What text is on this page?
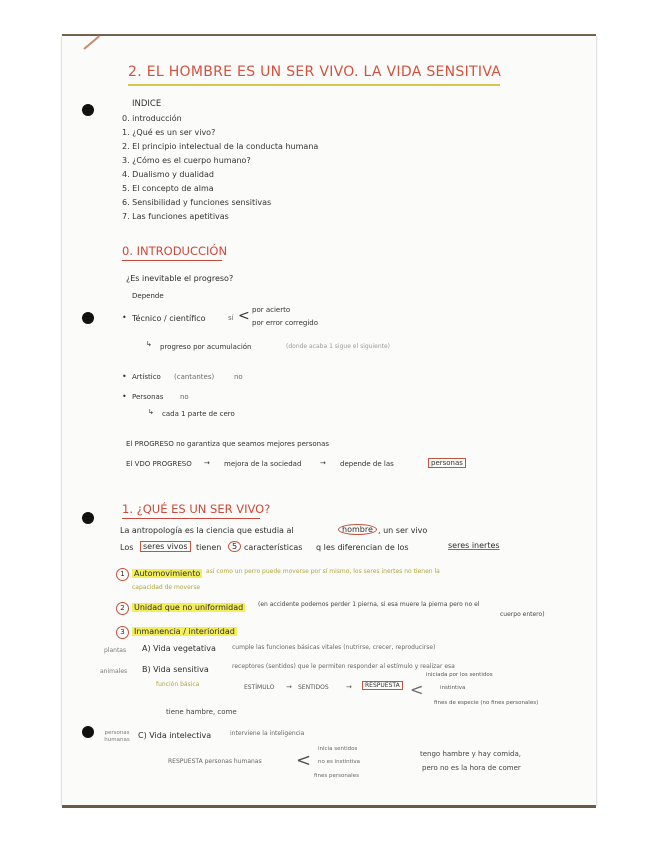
2. EL HOMBRE ES UN SER VIVO. LA VIDA SENSITIVA
INDICE
0. introducción
1. ¿Qué es un ser vivo?
2. El principio intelectual de la conducta humana
3. ¿Cómo es el cuerpo humano?
4. Dualismo y dualidad
5. El concepto de alma
6. Sensibilidad y funciones sensitivas
7. Las funciones apetitivas
0. INTRODUCCIÓN
¿Es inevitable el progreso?
Depende
• Técnico / científico	sí < por acierto
por error corregido
↳ progreso por acumulación	(donde acaba 1 sigue el siguiente)
• Artístico (cantantes)	no
• Personas no
↳ cada 1 parte de cero
El PROGRESO no garantiza que seamos mejores personas
El VDO PROGRESO → mejora de la sociedad	→ depende de las	personas
1. ¿QUÉ ES UN SER VIVO?
La antropología es la ciencia que estudia al	hombre , un ser vivo
Los	seres vivos	tienen	5 características q les diferencian de los	seres inertes
1 Automovimiento así como un perro puede moverse por sí mismo, los seres inertes no tienen la
capacidad de moverse
2 Unidad que no uniformidad	(en accidente podemos perder 1 pierna, si esa muere la pierna pero no el
cuerpo entero)
3 Inmanencia / interioridad
plantas A) Vida vegetativa	cumple las funciones básicas vitales (nutrirse, crecer, reproducirse)
animales B) Vida sensitiva	receptores (sentidos) que le permiten responder al estímulo y realizar esa
función básica	ESTÍMULO → SENTIDOS →	RESPUESTA <
iniciada por los sentidos
instintiva
fines de especie (no fines personales)
tiene hambre, come
personas humanas	C) Vida intelectiva	interviene la inteligencia
RESPUESTA personas humanas <
inicia sentidos
no es instintiva
fines personales
tengo hambre y hay comida,
pero no es la hora de comer
